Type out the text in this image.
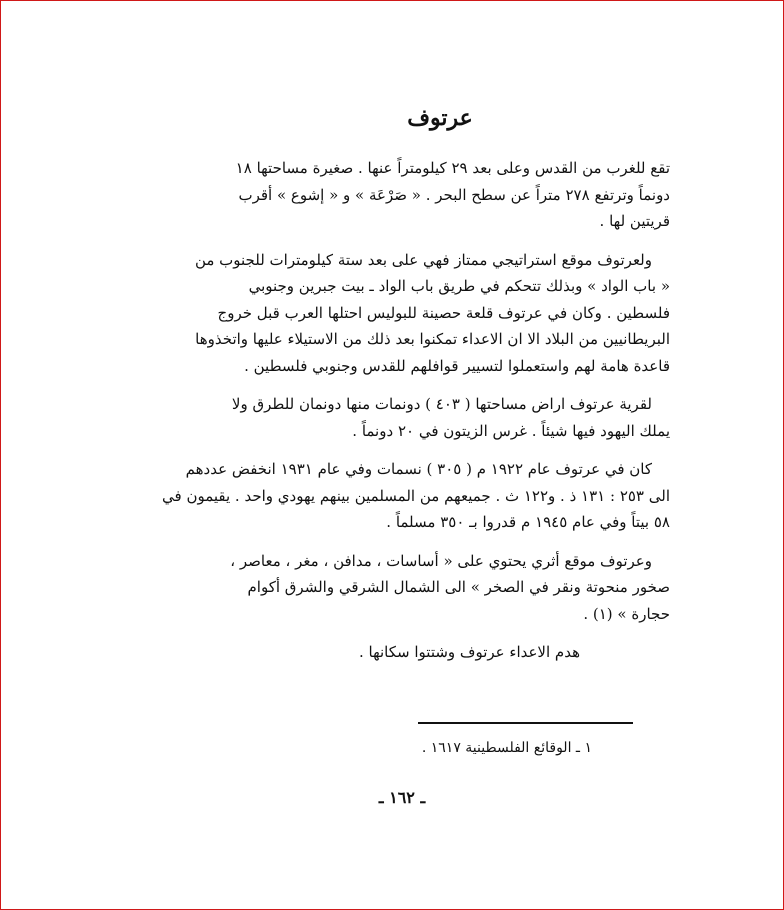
عرتوف
تقع للغرب من القدس وعلى بعد ٢٩ كيلومتراً عنها . صغيرة مساحتها ١٨
دونماً وترتفع ٢٧٨ متراً عن سطح البحر . « صَرْعَة » و « إشوع » أقرب
قريتين لها .
ولعرتوف موقع استراتيجي ممتاز فهي على بعد ستة كيلومترات للجنوب من
« باب الواد » وبذلك تتحكم في طريق باب الواد ـ بيت جبرين وجنوبي
فلسطين . وكان في عرتوف قلعة حصينة للبوليس احتلها العرب قبل خروج
البريطانيين من البلاد الا ان الاعداء تمكنوا بعد ذلك من الاستيلاء عليها واتخذوها
قاعدة هامة لهم واستعملوا لتسيير قوافلهم للقدس وجنوبي فلسطين .
لقرية عرتوف اراض مساحتها ( ٤٠٣ ) دونمات منها دونمان للطرق ولا
يملك اليهود فيها شيئاً . غرس الزيتون في ٢٠ دونماً .
كان في عرتوف عام ١٩٢٢ م ( ٣٠٥ ) نسمات وفي عام ١٩٣١ انخفض عددهم
الى ٢٥٣ : ١٣١ ذ . و١٢٢ ث . جميعهم من المسلمين بينهم يهودي واحد . يقيمون في
٥٨ بيتاً وفي عام ١٩٤٥ م قدروا بـ ٣٥٠ مسلماً .
وعرتوف موقع أثري يحتوي على « أساسات ، مدافن ، مغر ، معاصر ،
صخور منحوتة ونقر في الصخر » الى الشمال الشرقي والشرق أكوام
حجارة » (١) .
هدم الاعداء عرتوف وشتتوا سكانها .
١ ـ الوقائع الفلسطينية ١٦١٧ .
ـ ١٦٢ ـ
